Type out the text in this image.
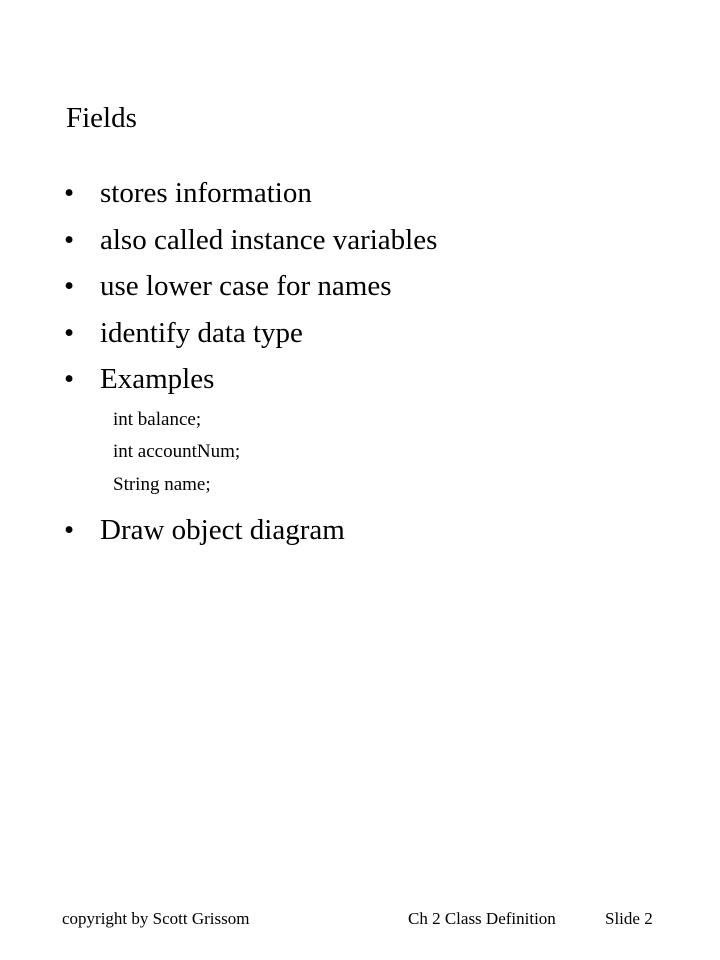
Fields
• stores information
• also called instance variables
• use lower case for names
• identify data type
• Examples
• Draw object diagram
int balance;
int accountNum;
String name;
copyright by Scott Grissom	Ch 2 Class Definition	Slide 2
